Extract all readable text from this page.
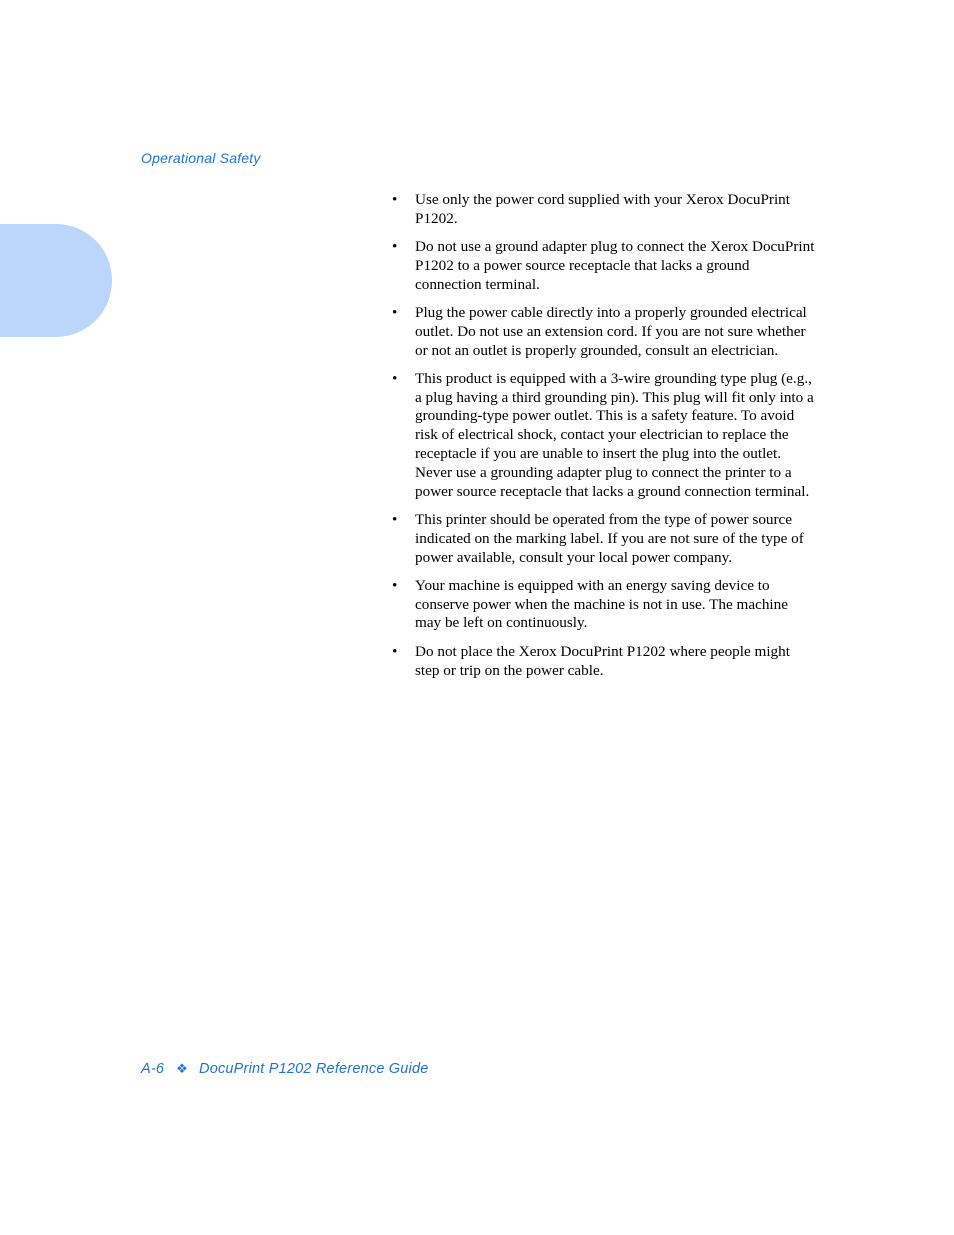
Operational Safety
• Use only the power cord supplied with your Xerox DocuPrint P1202.
• Do not use a ground adapter plug to connect the Xerox DocuPrint P1202 to a power source receptacle that lacks a ground connection terminal.
• Plug the power cable directly into a properly grounded electrical outlet. Do not use an extension cord. If you are not sure whether or not an outlet is properly grounded, consult an electrician.
• This product is equipped with a 3-wire grounding type plug (e.g., a plug having a third grounding pin). This plug will fit only into a grounding-type power outlet. This is a safety feature. To avoid risk of electrical shock, contact your electrician to replace the receptacle if you are unable to insert the plug into the outlet. Never use a grounding adapter plug to connect the printer to a power source receptacle that lacks a ground connection terminal.
• This printer should be operated from the type of power source indicated on the marking label. If you are not sure of the type of power available, consult your local power company.
• Your machine is equipped with an energy saving device to conserve power when the machine is not in use. The machine may be left on continuously.
• Do not place the Xerox DocuPrint P1202 where people might step or trip on the power cable.
A-6 ❖ DocuPrint P1202 Reference Guide
